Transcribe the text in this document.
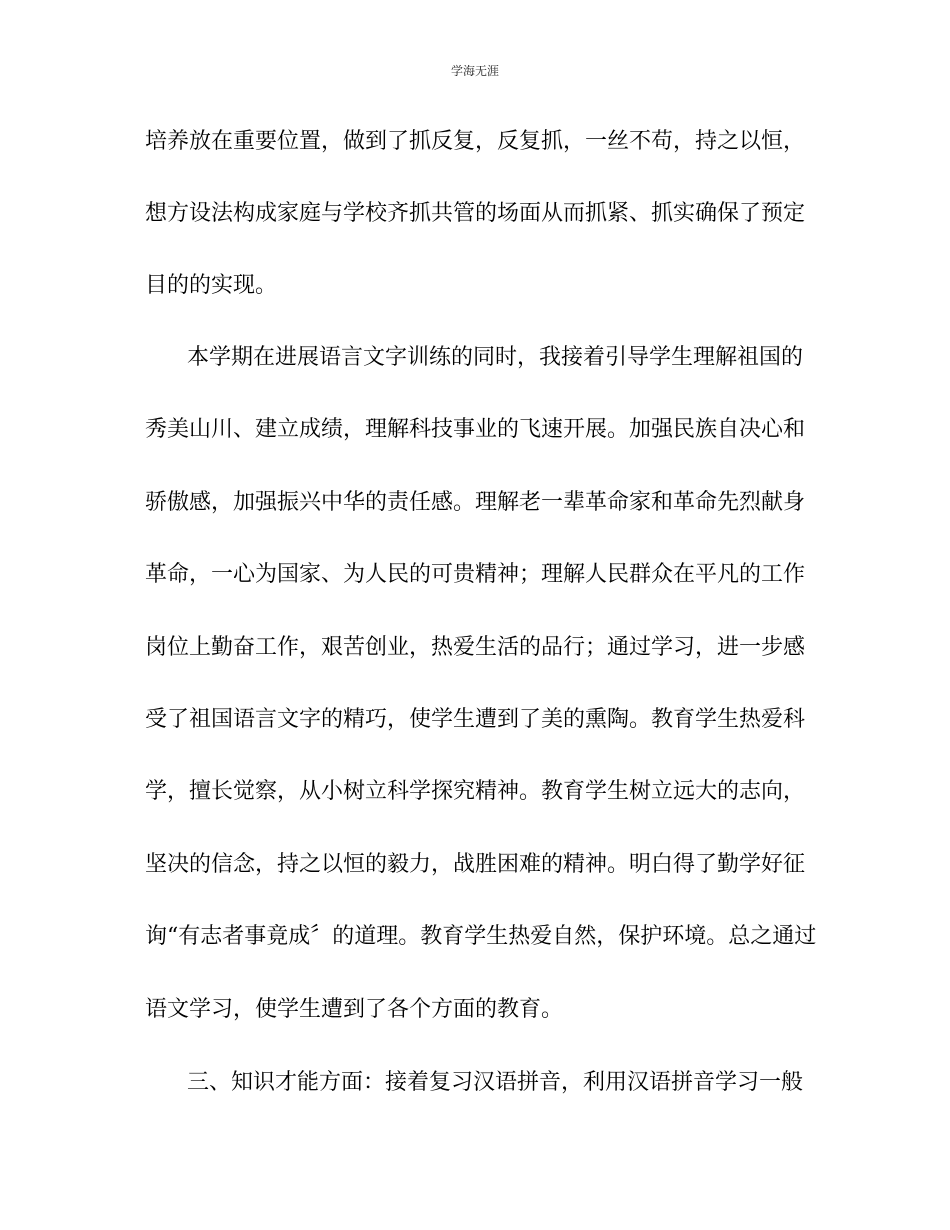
学海无涯
培养放在重要位置，做到了抓反复，反复抓，一丝不苟，持之以恒，
想方设法构成家庭与学校齐抓共管的场面从而抓紧、抓实确保了预定
目的的实现。
本学期在进展语言文字训练的同时，我接着引导学生理解祖国的
秀美山川、建立成绩，理解科技事业的飞速开展。加强民族自决心和
骄傲感，加强振兴中华的责任感。理解老一辈革命家和革命先烈献身
革命，一心为国家、为人民的可贵精神；理解人民群众在平凡的工作
岗位上勤奋工作，艰苦创业，热爱生活的品行；通过学习，进一步感
受了祖国语言文字的精巧，使学生遭到了美的熏陶。教育学生热爱科
学，擅长觉察，从小树立科学探究精神。教育学生树立远大的志向，
坚决的信念，持之以恒的毅力，战胜困难的精神。明白得了勤学好征
询“有志者事竟成〞的道理。教育学生热爱自然，保护环境。总之通过
语文学习，使学生遭到了各个方面的教育。
三、知识才能方面：接着复习汉语拼音，利用汉语拼音学习一般
